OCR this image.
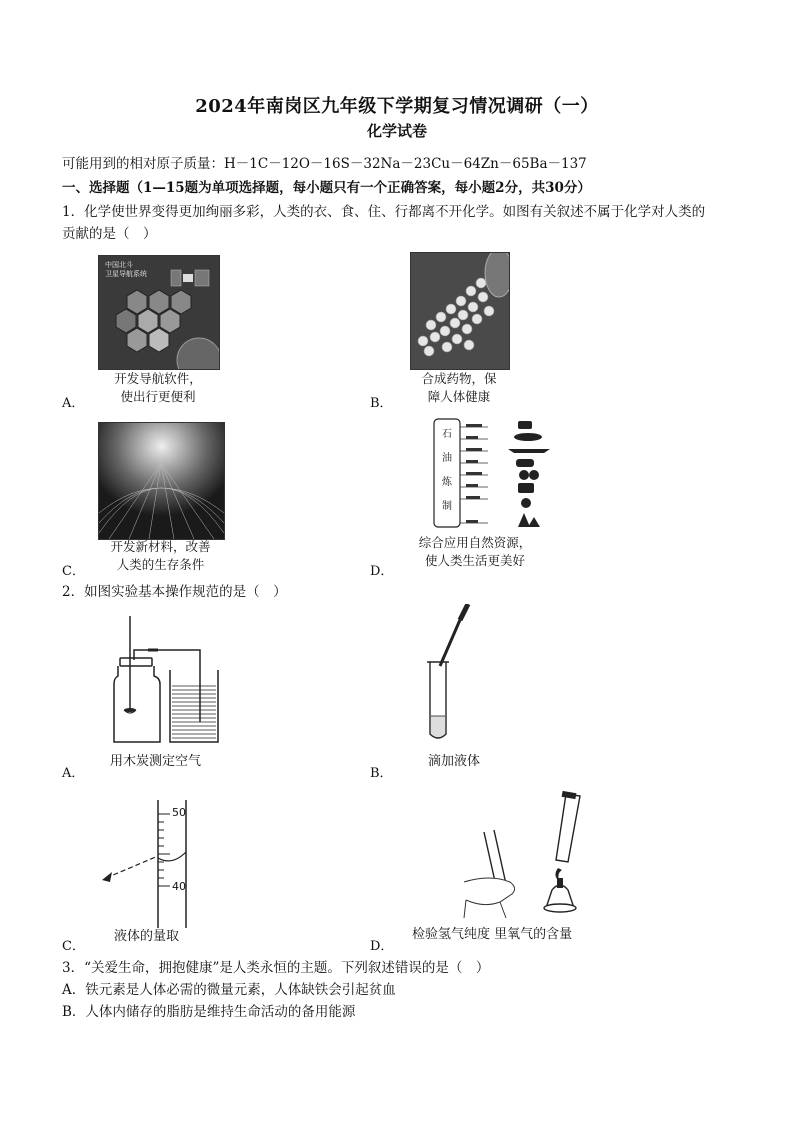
2024年南岗区九年级下学期复习情况调研（一）
化学试卷
可能用到的相对原子质量：H－1C－12O－16S－32Na－23Cu－64Zn－65Ba－137
一、选择题（1—15题为单项选择题，每小题只有一个正确答案，每小题2分，共30分）
1．化学使世界变得更加绚丽多彩，人类的衣、食、住、行都离不开化学。如图有关叙述不属于化学对人类的
贡献的是（　）
中国北斗
卫星导航系统
开发导航软件，
使出行更便利
A．
合成药物，保
障人体健康
B．
开发新材料，改善
人类的生存条件
C．
石
油
炼
制
综合应用自然资源，
使人类生活更美好
D．
2．如图实验基本操作规范的是（　）
用木炭测定空气
A．
滴加液体
B．
50
40
液体的量取
C．
检验氢气纯度 里氧气的含量
D．
3．“关爱生命，拥抱健康”是人类永恒的主题。下列叙述错误的是（　）
A．铁元素是人体必需的微量元素，人体缺铁会引起贫血
B．人体内储存的脂肪是维持生命活动的备用能源
